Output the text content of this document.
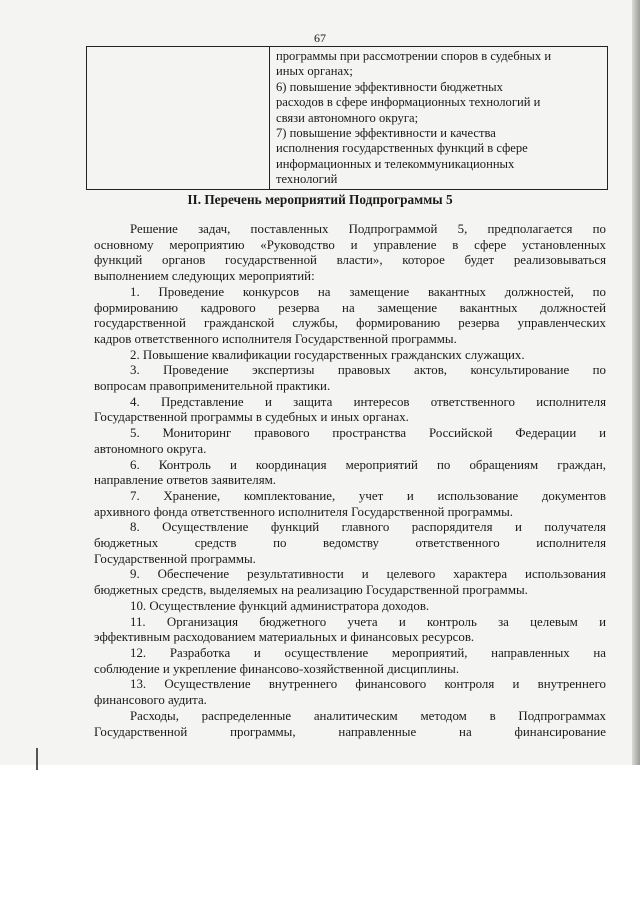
67

программы при рассмотрении споров в судебных и
иных органах;
6) повышение эффективности бюджетных
расходов в сфере информационных технологий и
связи автономного округа;
7) повышение эффективности и качества
исполнения государственных функций в сфере
информационных и телекоммуникационных
технологий
II. Перечень мероприятий Подпрограммы 5
Решение задач, поставленных Подпрограммой 5, предполагается по
основному мероприятию «Руководство и управление в сфере установленных
функций органов государственной власти», которое будет реализовываться
выполнением следующих мероприятий:
1. Проведение конкурсов на замещение вакантных должностей, по
формированию кадрового резерва на замещение вакантных должностей
государственной гражданской службы, формированию резерва управленческих
кадров ответственного исполнителя Государственной программы.
2. Повышение квалификации государственных гражданских служащих.
3. Проведение экспертизы правовых актов, консультирование по
вопросам правоприменительной практики.
4. Представление и защита интересов ответственного исполнителя
Государственной программы в судебных и иных органах.
5. Мониторинг правового пространства Российской Федерации и
автономного округа.
6. Контроль и координация мероприятий по обращениям граждан,
направление ответов заявителям.
7. Хранение, комплектование, учет и использование документов
архивного фонда ответственного исполнителя Государственной программы.
8. Осуществление функций главного распорядителя и получателя
бюджетных средств по ведомству ответственного исполнителя
Государственной программы.
9. Обеспечение результативности и целевого характера использования
бюджетных средств, выделяемых на реализацию Государственной программы.
10. Осуществление функций администратора доходов.
11. Организация бюджетного учета и контроль за целевым и
эффективным расходованием материальных и финансовых ресурсов.
12. Разработка и осуществление мероприятий, направленных на
соблюдение и укрепление финансово-хозяйственной дисциплины.
13. Осуществление внутреннего финансового контроля и внутреннего
финансового аудита.
Расходы, распределенные аналитическим методом в Подпрограммах
Государственной программы, направленные на финансирование
